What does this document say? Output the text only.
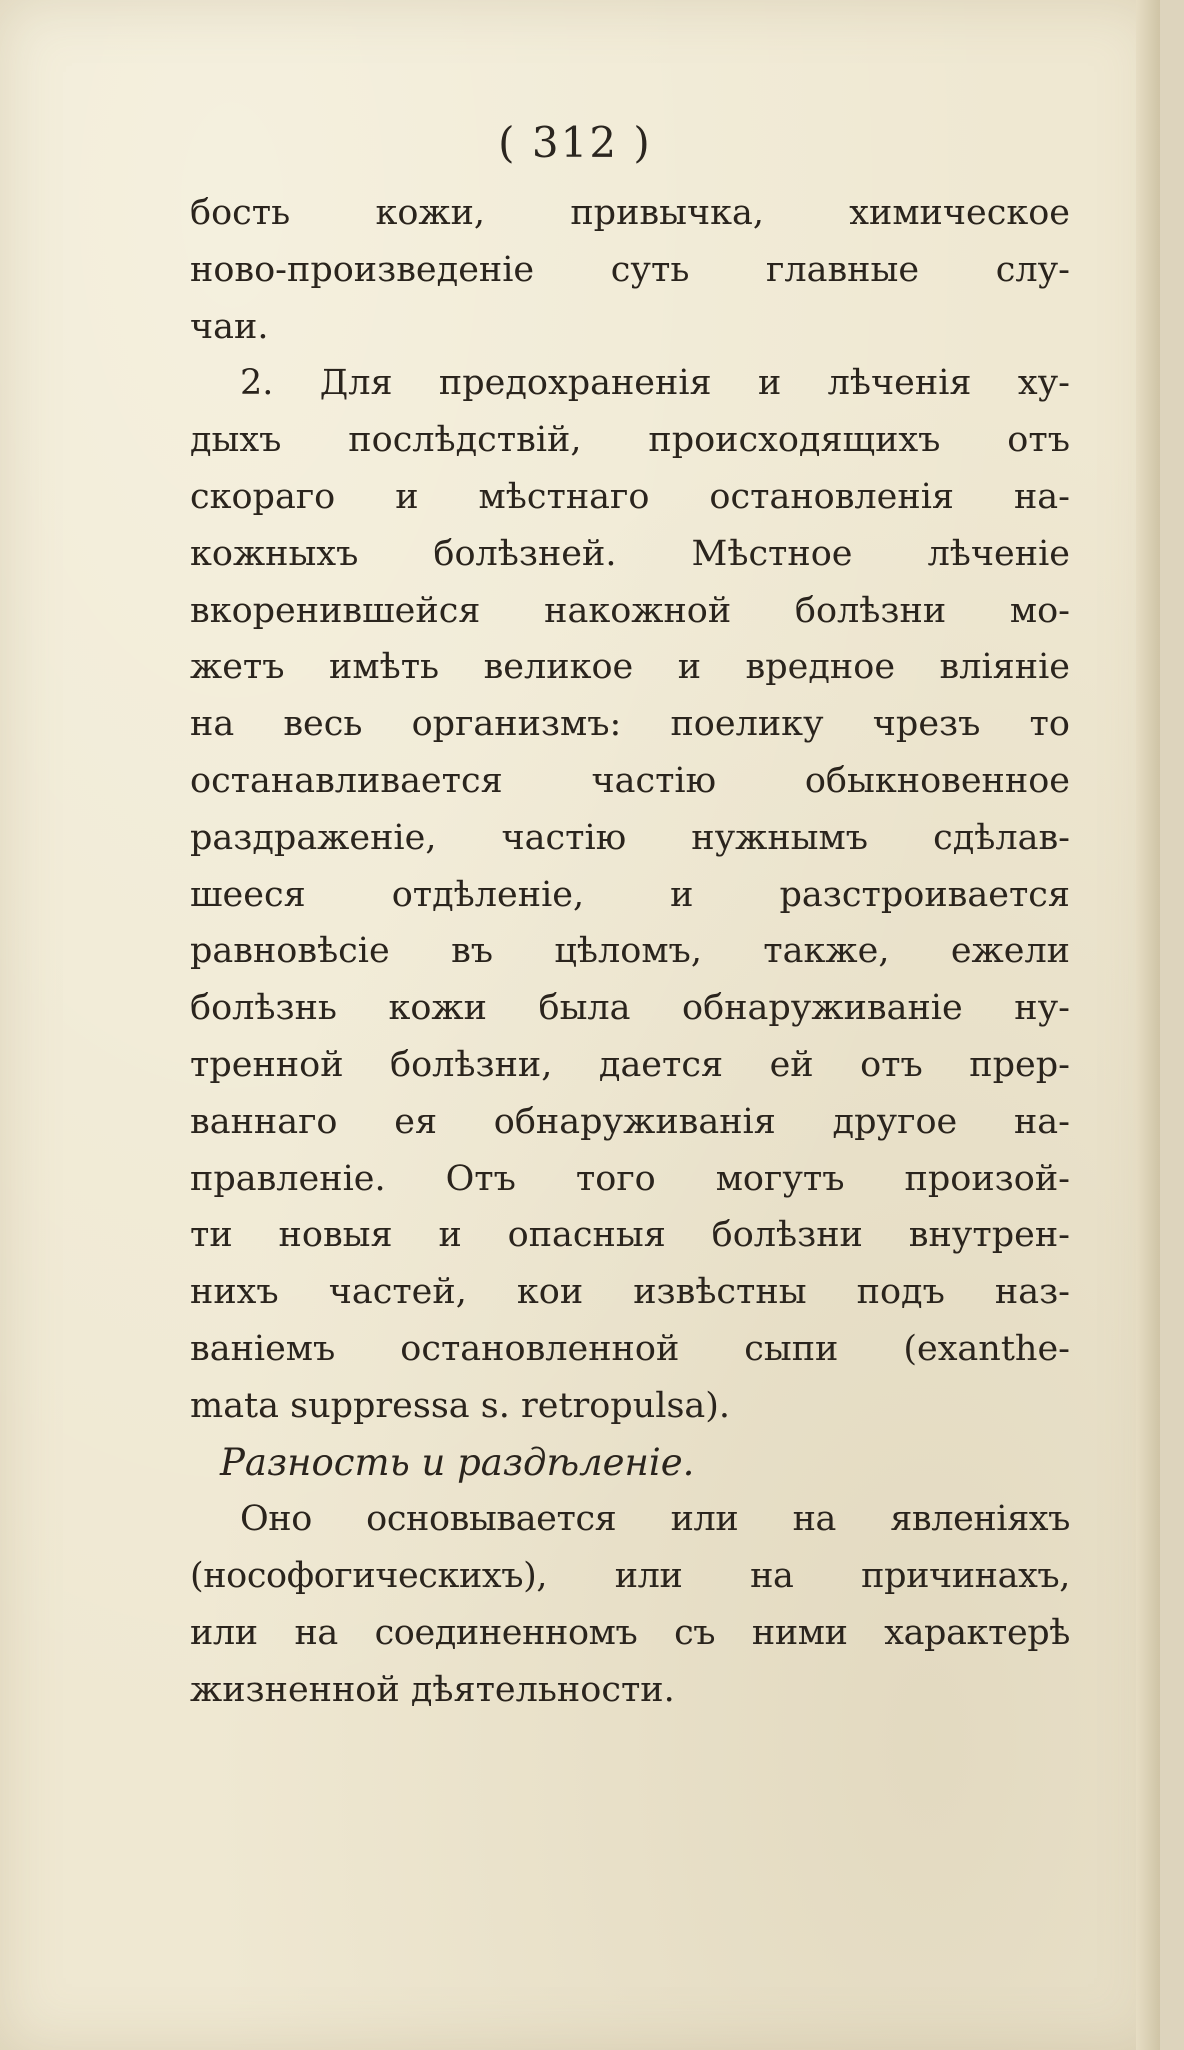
( 312 )
бость кожи, привычка, химическое
ново-произведенiе суть главные слу-
чаи.
2. Для предохраненiя и лѣченiя ху-
дыхъ послѣдствiй, происходящихъ отъ
скораго и мѣстнаго остановленiя на-
кожныхъ болѣзней. Мѣстное лѣченiе
вкоренившейся накожной болѣзни мо-
жетъ имѣть великое и вредное влiянiе
на весь организмъ: поелику чрезъ то
останавливается частiю обыкновенное
раздраженiе, частiю нужнымъ сдѣлав-
шееся отдѣленiе, и разстроивается
равновѣсiе въ цѣломъ, также, ежели
болѣзнь кожи была обнаруживанiе ну-
тренной болѣзни, дается ей отъ прер-
ваннаго ея обнаруживанiя другое на-
правленiе. Отъ того могутъ произой-
ти новыя и опасныя болѣзни внутрен-
нихъ частей, кои извѣстны подъ наз-
ванiемъ остановленной сыпи (exanthe-
mata suppressa s. retropulsa).
Разность и раздѣленiе.
Оно основывается или на явленiяхъ
(нософогическихъ), или на причинахъ,
или на соединенномъ съ ними характерѣ
жизненной дѣятельности.
